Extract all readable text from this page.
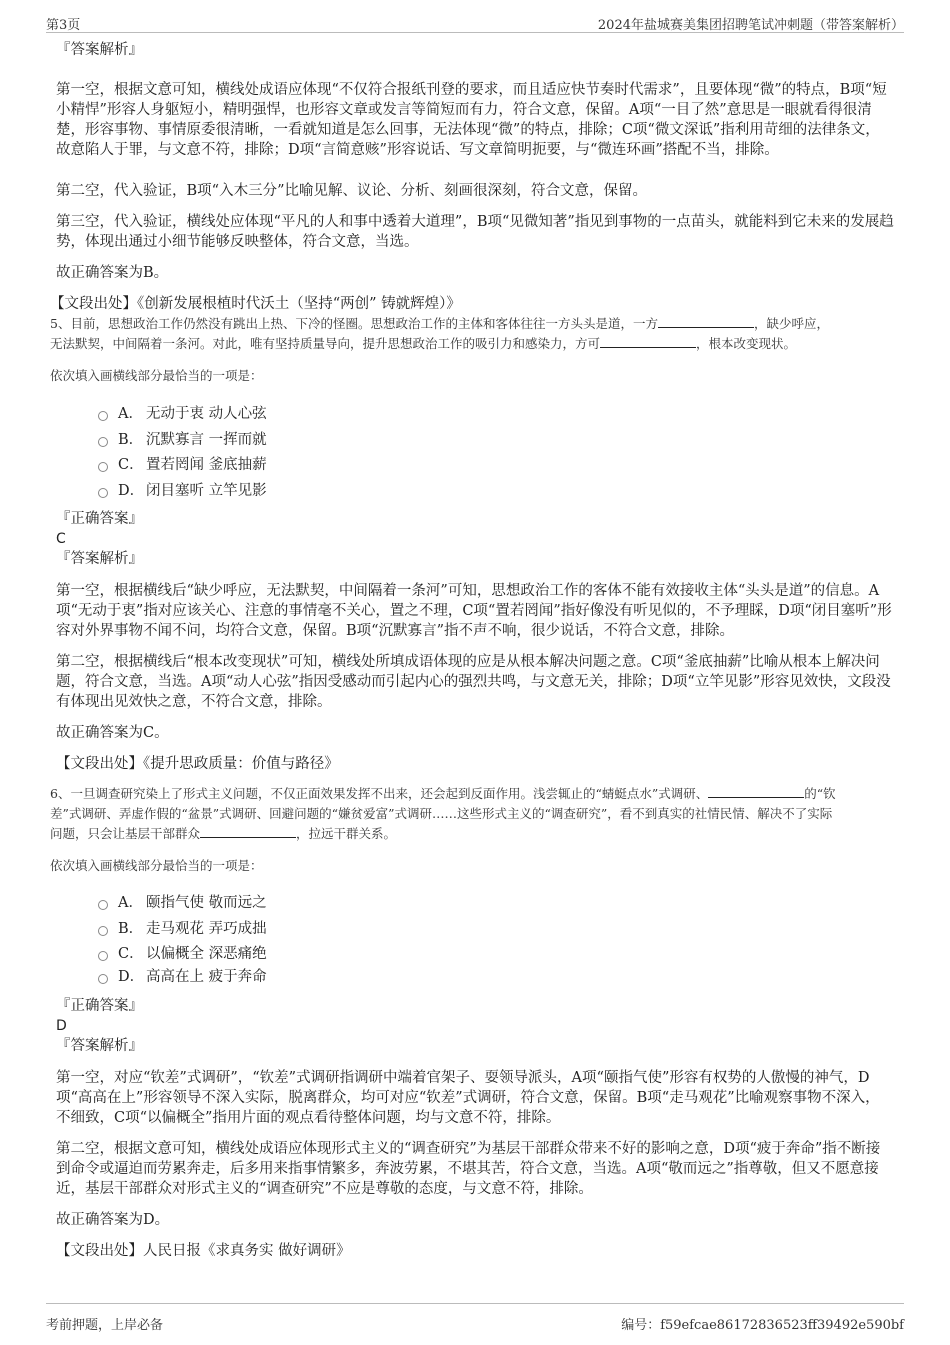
第3页	2024年盐城赛美集团招聘笔试冲刺题（带答案解析）
『答案解析』
第一空，根据文意可知，横线处成语应体现“不仅符合报纸刊登的要求，而且适应快节奏时代需求”，且要体现“微”的特点，B项“短小精悍”形容人身躯短小，精明强悍，也形容文章或发言等简短而有力，符合文意，保留。A项“一目了然”意思是一眼就看得很清楚，形容事物、事情原委很清晰，一看就知道是怎么回事，无法体现“微”的特点，排除；C项“微文深诋”指利用苛细的法律条文，故意陷人于罪，与文意不符，排除；D项“言简意赅”形容说话、写文章简明扼要，与“微连环画”搭配不当，排除。
第二空，代入验证，B项“入木三分”比喻见解、议论、分析、刻画很深刻，符合文意，保留。
第三空，代入验证，横线处应体现“平凡的人和事中透着大道理”，B项“见微知著”指见到事物的一点苗头，就能料到它未来的发展趋势，体现出通过小细节能够反映整体，符合文意，当选。
故正确答案为B。
【文段出处】《创新发展根植时代沃土（坚持“两创” 铸就辉煌）》
5、目前，思想政治工作仍然没有跳出上热、下冷的怪圈。思想政治工作的主体和客体往往一方头头是道，一方	，缺少呼应，
无法默契，中间隔着一条河。对此，唯有坚持质量导向，提升思想政治工作的吸引力和感染力，方可	，根本改变现状。
依次填入画横线部分最恰当的一项是：
A． 无动于衷 动人心弦
B． 沉默寡言 一挥而就
C． 置若罔闻 釜底抽薪
D． 闭目塞听 立竿见影
『正确答案』
C
『答案解析』
第一空，根据横线后“缺少呼应，无法默契，中间隔着一条河”可知，思想政治工作的客体不能有效接收主体“头头是道”的信息。A项“无动于衷”指对应该关心、注意的事情毫不关心，置之不理，C项“置若罔闻”指好像没有听见似的，不予理睬，D项“闭目塞听”形容对外界事物不闻不问，均符合文意，保留。B项“沉默寡言”指不声不响，很少说话，不符合文意，排除。
第二空，根据横线后“根本改变现状”可知，横线处所填成语体现的应是从根本解决问题之意。C项“釜底抽薪”比喻从根本上解决问题，符合文意，当选。A项“动人心弦”指因受感动而引起内心的强烈共鸣，与文意无关，排除；D项“立竿见影”形容见效快，文段没有体现出见效快之意，不符合文意，排除。
故正确答案为C。
【文段出处】《提升思政质量：价值与路径》
6、一旦调查研究染上了形式主义问题，不仅正面效果发挥不出来，还会起到反面作用。浅尝辄止的“蜻蜓点水”式调研、	的“钦
差”式调研、弄虚作假的“盆景”式调研、回避问题的“嫌贫爱富”式调研……这些形式主义的“调查研究”，看不到真实的社情民情、解决不了实际
问题，只会让基层干部群众	，拉远干群关系。
依次填入画横线部分最恰当的一项是：
A． 颐指气使 敬而远之
B． 走马观花 弄巧成拙
C． 以偏概全 深恶痛绝
D． 高高在上 疲于奔命
『正确答案』
D
『答案解析』
第一空，对应“钦差”式调研”，“钦差”式调研指调研中端着官架子、耍领导派头，A项“颐指气使”形容有权势的人傲慢的神气，D项“高高在上”形容领导不深入实际，脱离群众，均可对应“钦差”式调研，符合文意，保留。B项“走马观花”比喻观察事物不深入，不细致，C项“以偏概全”指用片面的观点看待整体问题，均与文意不符，排除。
第二空，根据文意可知，横线处成语应体现形式主义的“调查研究”为基层干部群众带来不好的影响之意，D项“疲于奔命”指不断接到命令或逼迫而劳累奔走，后多用来指事情繁多，奔波劳累，不堪其苦，符合文意，当选。A项“敬而远之”指尊敬，但又不愿意接近，基层干部群众对形式主义的“调查研究”不应是尊敬的态度，与文意不符，排除。
故正确答案为D。
【文段出处】人民日报《求真务实 做好调研》
考前押题，上岸必备	编号：f59efcae86172836523ff39492e590bf
